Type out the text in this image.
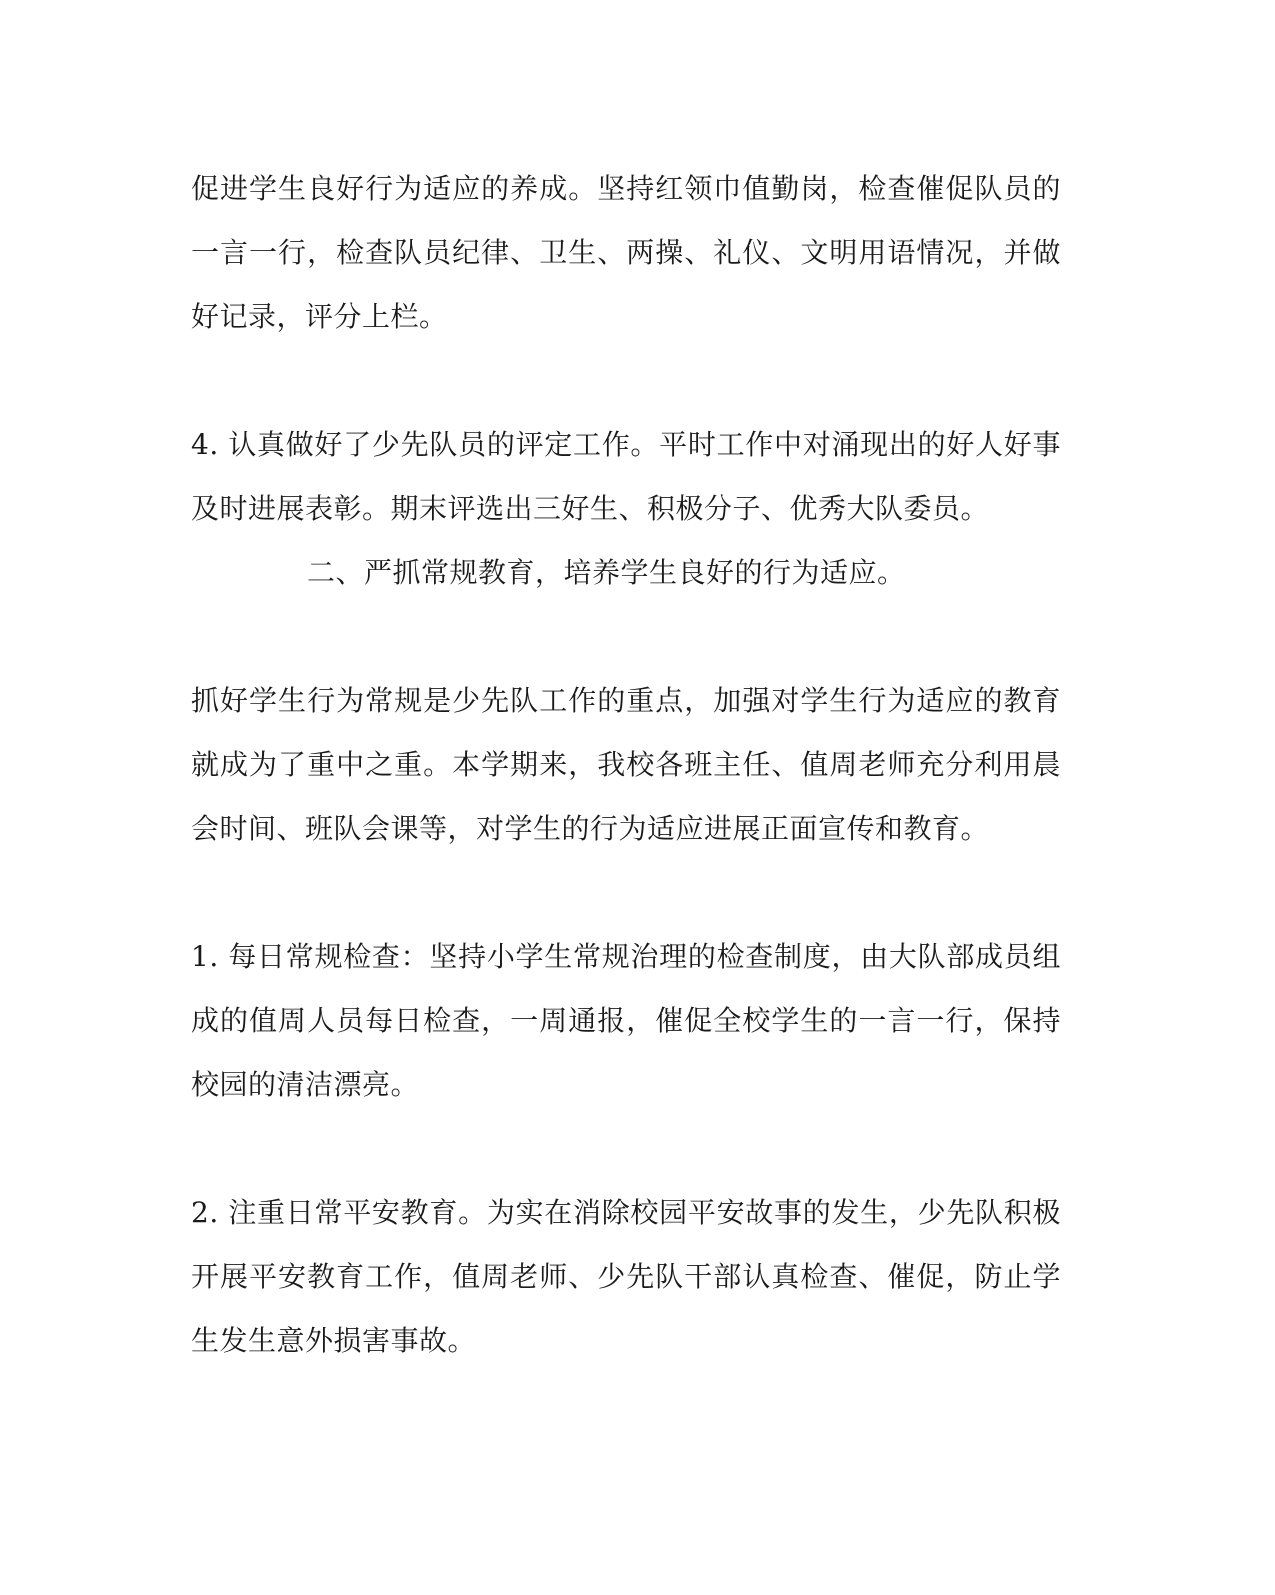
促进学生良好行为适应的养成。坚持红领巾值勤岗，检查催促队员的
一言一行，检查队员纪律、卫生、两操、礼仪、文明用语情况，并做
好记录，评分上栏。
4. 认真做好了少先队员的评定工作。平时工作中对涌现出的好人好事
及时进展表彰。期末评选出三好生、积极分子、优秀大队委员。
二、严抓常规教育，培养学生良好的行为适应。
抓好学生行为常规是少先队工作的重点，加强对学生行为适应的教育
就成为了重中之重。本学期来，我校各班主任、值周老师充分利用晨
会时间、班队会课等，对学生的行为适应进展正面宣传和教育。
1. 每日常规检查：坚持小学生常规治理的检查制度，由大队部成员组
成的值周人员每日检查，一周通报，催促全校学生的一言一行，保持
校园的清洁漂亮。
2. 注重日常平安教育。为实在消除校园平安故事的发生，少先队积极
开展平安教育工作，值周老师、少先队干部认真检查、催促，防止学
生发生意外损害事故。
